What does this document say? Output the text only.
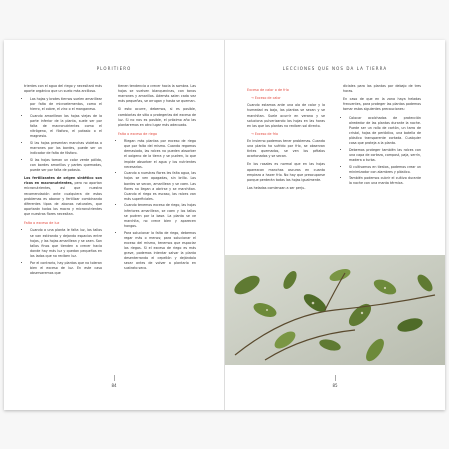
PLORITIERO

trientes con el agua del riego y necesitará más aporte orgánico que un suelo más arcilloso.

• Las hojas y brotes tiernos suelen amarillear por falta de microelementos, como el hierro, el cobre, el zinc o el manganeso.
• Cuando amarillean las hojas viejas de la parte inferior de la planta, suele ser por falta de macronutrientes como el nitrógeno, el fósforo, el potasio o el magnesio.
• Si las hojas presentan manchas violetas o marrones por los bordes, puede ser un indicador de falta de fósforo.
• Si las hojas toman un color verde pálido, con bordes amarillos y partes quemadas, puede ser por falta de potasio.

Los fertilizantes de origen sintético son ricos en macronutrientes, pero no aportan micronutrientes, así que nuestra recomendación ante cualquiera de estos problemas es abonar y fertilizar combinando diferentes tipos de abonos naturales, que aportarán todos los macro y micronutrientes que nuestras flores necesitan.

Falta o exceso de luz
• Cuando a una planta le falta luz, los tallos se van estirando y dejando espacios entre hojas, y las hojas amarillean y se caen. Son tallos finos que tienden a crecer hacia donde hay más luz y quedan pequeños en los lados que no reciben luz.
• Por el contrario, hay plantas que no toleran bien el exceso de luz. En este caso observaremos que

tienen tendencia a crecer hacia la sombra. Las hojas se vuelven blanquecinas, con tonos marrones y amarillos. Además salen cada vez más pequeñas, se arrugan y hasta se queman.

Si esto ocurre, debemos, si es posible, cambiarlas de sitio o protegerlas del exceso de luz. Si no nos es posible, el próximo año las plantaremos en otro lugar más adecuado.

Falta o exceso de riego
• Riegan más plantas por exceso de riego que por falta del mismo. Cuando regamos demasiado, las raíces no pueden absorber el oxígeno de la tierra y se pudren, lo que impide absorber el agua y los nutrientes necesarios.
• Cuando a nuestras flores les falta agua, las hojas se ven apagadas, sin brillo. Los bordes se secan, amarillean y se caen. Las flores no llegan a abrirse y se marchitan. Cuando el riego es escaso, las raíces van más superficiales.
• Cuando tenemos exceso de riego, las hojas inferiores amarillean, se caen y los tallos se pudren por la base. La planta se ve marchita, no crece bien y aparecen hongos.
• Para solucionar la falta de riego, debemos regar más o menos; para solucionar el exceso del mismo, tenemos que espaciar los riegos. Si el exceso de riego es más grave, podemos intentar salvar la planta desenterrando el cepellón y dejándolo secar antes de volver a plantarlo en sustrato seco.
84
LECCIONES QUE NOS DA LA TIERRA
Exceso de calor o de frío
→ Exceso de calor

Cuando estamos ante una ola de calor y la humedad es baja, las plantas se secan y se marchitan. Suele ocurrir en verano y se soluciona pulverizando las hojas en las horas en las que las plantas no reciben sol directo.

→ Exceso de frío

En invierno podemos tener problemas. Cuando una planta ha sufrido por frío, se observan tintes quemados, se ven los pétalos acartonados y se secan.

En los rosales es normal que en las hojas aparezcan manchas oscuras en cuanto empieza a hacer frío. No hay que preocuparse porque perderán todas las hojas igualmente.

Las heladas comienzan a ser perju-

diciales para las plantas por debajo de tres horas.

En caso de que en la zona haya heladas frecuentes, para proteger las plantas podemos tomar estas siguientes precauciones:

• Colocar acolchados de protección alrededor de las plantas durante la noche. Puede ser un rollo de cartón, un tarro de cristal, hojas de periódico, una botella de plástico transparente cortada. Cualquier cosa que proteja a la planta.
• Debemos proteger también las raíces con una capa de corteza, compost, paja, serrín, madera o turba.
• Si cultivamos en tiestos, podemos crear un minimizador con alambres y plástico.
• También podemos cubrir el cultivo durante la noche con una manta térmica.
85
